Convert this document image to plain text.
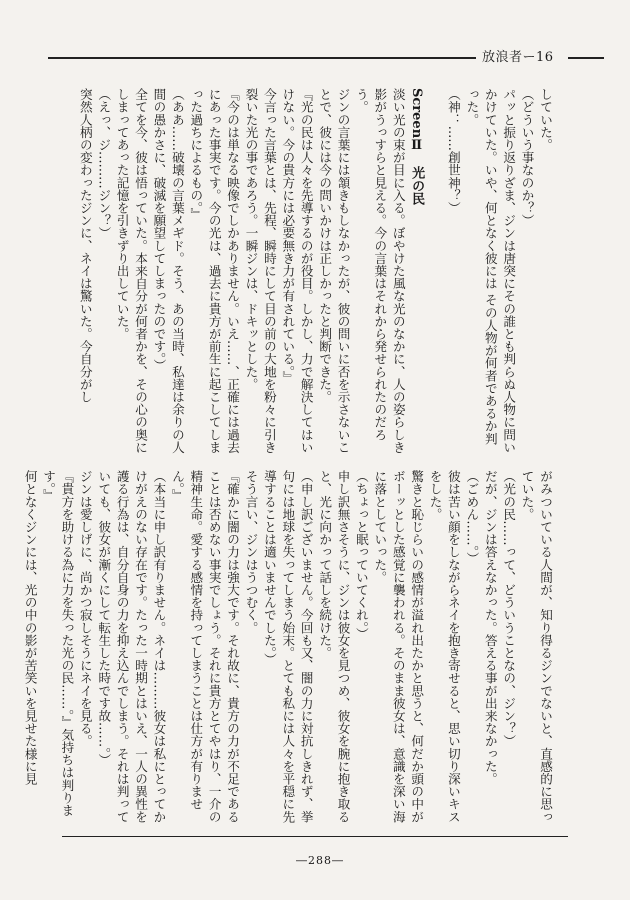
放浪者ー16

していた。

（どういう事なのか？）

パッと振り返りざま、ジンは唐突にその誰とも判らぬ人物に問いかけていた。いや、何となく彼には その人物が何者であるか判った。

（神：……創世神？）

ScreenⅡ　光の民

淡い光の束が目に入る。ぼやけた風な光のなかに、人の姿らしき影がうっすらと見える。今の言葉はそれから発せられたのだろう。

ジンの言葉には頷きもしなかったが、彼の問いに否を示さないことで、彼には今の問いかけは正しかったと判断できた。

『光の民は人々を先導するのが役目。しかし、力で解決してはいけない。今の貴方には必要無き力が有されている。』

今言った言葉とは、先程、瞬時にして目の前の大地を粉々に引き裂いた光の事であろう。一瞬ジンは、ドキッとした。

『今のは単なる映像でしかありません。いえ……、正確には過去にあった事実です。今の光は、過去に貴方が前生に起こしてしまった過ちによるもの。』

（ああ……破壊の言葉メギド。そう、あの当時、私達は余りの人間の愚かさに、破滅を願望してしまったのです。）

全てを今、彼は悟っていた。本来自分が何者かを、その心の奥にしまってあった記憶を引きずり出していた。

（えっ、ジ………ジン？）

突然人柄の変わったジンに、ネイは驚いた。今自分がし

がみついている人間が、知り得るジンでないと、直感的に思っていた。

（光の民……って、どういうことなの、ジン？）

だが、ジンは答えなかった。答える事が出来なかった。

（ごめん……。）

彼は苦い顔をしながらネイを抱き寄せると、思い切り深いキスをした。

驚きと恥じらいの感情が溢れ出たかと思うと、何だか頭の中がボーッとした感覚に襲われる。そのまま彼女は、意識を深い海に落としていった。

（ちょっと眠っていてくれ。）

申し訳無さそうに、ジンは彼女を見つめ、彼女を腕に抱き取ると、光に向かって話しを続けた。

（申し訳ございません。今回も又、闇の力に対抗しきれず、挙句には地球を失ってしまう始末。とても私には人々を平穏に先導することは適いませんでした。）

そう言い、ジンはうつむく。

『確かに闇の力は強大です。それ故に、貴方の力が不足であることは否めない事実でしょう。それに貴方とてやはり、一介の精神生命。愛する感情を持ってしまうことは仕方が有りません。』

（本当に申し訳有りません。ネイは………彼女は私にとってかけがえのない存在です。たった一時期とはいえ、一人の異性を護る行為は、自分自身の力を抑え込んでしまう。それは判っていても、彼女が漸くにして転生した時です故……。）

ジンは愛しげに、尚かつ寂しそうにネイを見る。

『貴方を助ける為に力を失った光の民……。』気持ちは判ります。』

何となくジンには、光の中の影が苦笑いを見せた様に見

―288―
